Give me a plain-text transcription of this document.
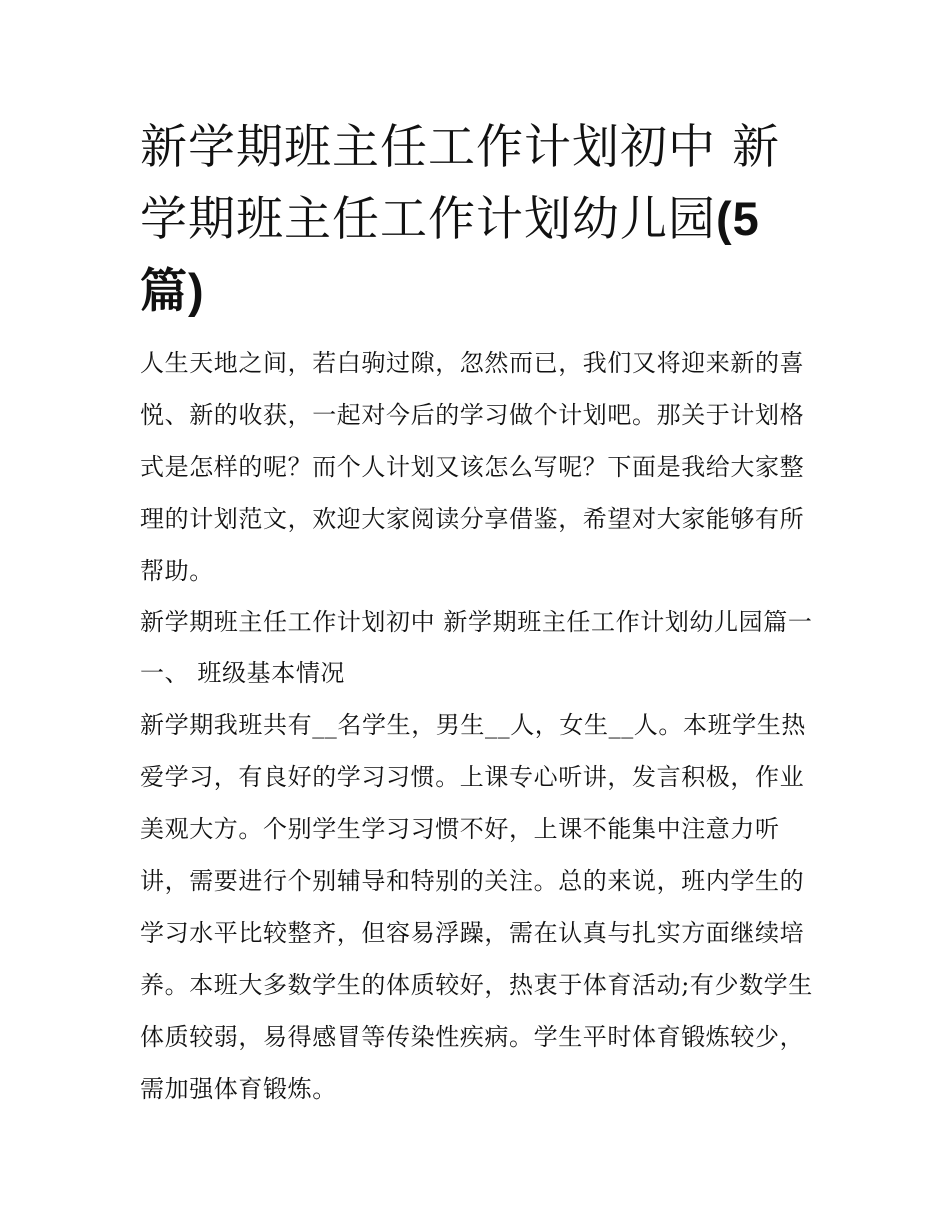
新学期班主任工作计划初中 新学期班主任工作计划幼儿园(5篇)

人生天地之间，若白驹过隙，忽然而已，我们又将迎来新的喜悦、新的收获，一起对今后的学习做个计划吧。那关于计划格式是怎样的呢？而个人计划又该怎么写呢？下面是我给大家整理的计划范文，欢迎大家阅读分享借鉴，希望对大家能够有所帮助。

新学期班主任工作计划初中 新学期班主任工作计划幼儿园篇一

一、 班级基本情况

新学期我班共有__名学生，男生__人，女生__人。本班学生热爱学习，有良好的学习习惯。上课专心听讲，发言积极，作业美观大方。个别学生学习习惯不好，上课不能集中注意力听讲，需要进行个别辅导和特别的关注。总的来说，班内学生的学习水平比较整齐，但容易浮躁，需在认真与扎实方面继续培养。本班大多数学生的体质较好，热衷于体育活动;有少数学生体质较弱，易得感冒等传染性疾病。学生平时体育锻炼较少，需加强体育锻炼。
